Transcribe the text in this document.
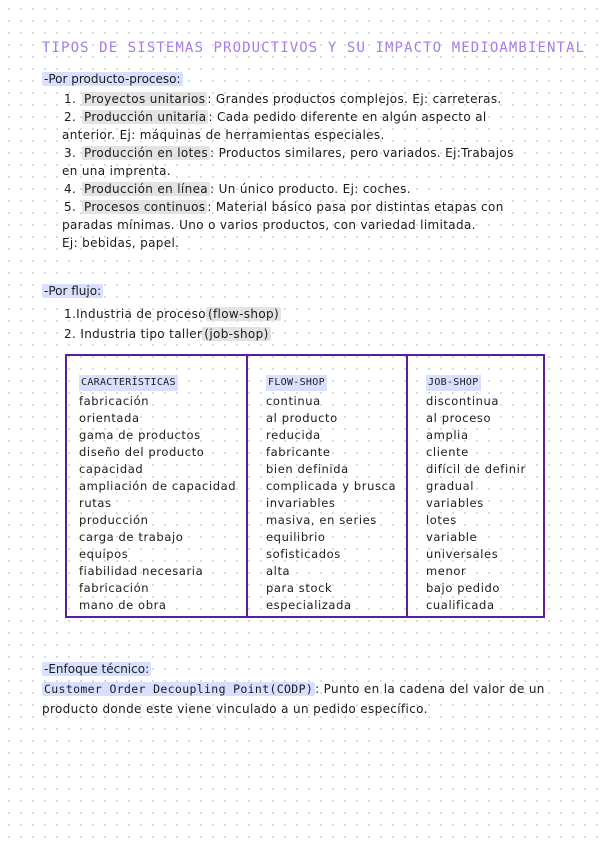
TIPOS DE SISTEMAS PRODUCTIVOS Y SU IMPACTO MEDIOAMBIENTAL
-Por producto-proceso:
1. Proyectos unitarios : Grandes productos complejos. Ej: carreteras.
2. Producción unitaria : Cada pedido diferente en algún aspecto al
anterior. Ej: máquinas de herramientas especiales.
3. Producción en lotes : Productos similares, pero variados. Ej:Trabajos
en una imprenta.
4. Producción en línea : Un único producto. Ej: coches.
5. Procesos continuos : Material básico pasa por distintas etapas con
paradas mínimas. Uno o varios productos, con variedad limitada.
Ej: bebidas, papel.
-Por flujo:
1.Industria de proceso (flow-shop)
2. Industria tipo taller (job-shop)
CARACTERÍSTICAS
fabricación
orientada
gama de productos
diseño del producto
capacidad
ampliación de capacidad
rutas
producción
carga de trabajo
equipos
fiabilidad necesaria
fabricación
mano de obra
FLOW-SHOP
continua
al producto
reducida
fabricante
bien definida
complicada y brusca
invariables
masiva, en series
equilibrio
sofisticados
alta
para stock
especializada
JOB-SHOP
discontinua
al proceso
amplia
cliente
difícil de definir
gradual
variables
lotes
variable
universales
menor
bajo pedido
cualificada
-Enfoque técnico:
Customer Order Decoupling Point(CODP) : Punto en la cadena del valor de un
producto donde este viene vinculado a un pedido específico.
